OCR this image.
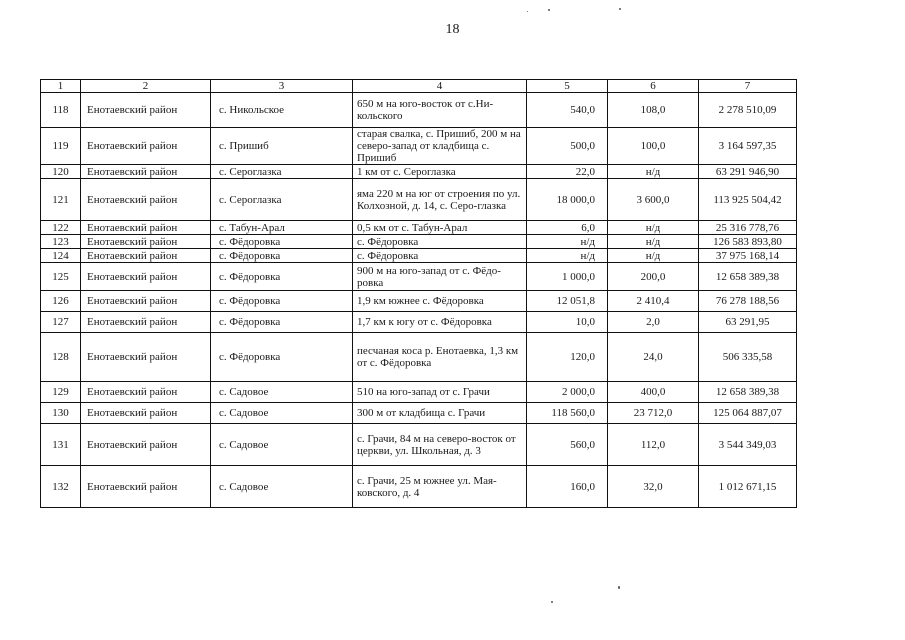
18
1	2	3	4	5	6	7
118	Енотаевский район	с. Никольское	650 м на юго-восток от с.Ни-кольского	540,0	108,0	2 278 510,09
119	Енотаевский район	с. Пришиб	старая свалка, с. Пришиб, 200 м на северо-запад от кладбища с. Пришиб	500,0	100,0	3 164 597,35
120	Енотаевский район	с. Сероглазка	1 км от с. Сероглазка	22,0	н/д	63 291 946,90
121	Енотаевский район	с. Сероглазка	яма 220 м на юг от строения по ул. Колхозной, д. 14, с. Серо-глазка	18 000,0	3 600,0	113 925 504,42
122	Енотаевский район	с. Табун-Арал	0,5 км от с. Табун-Арал	6,0	н/д	25 316 778,76
123	Енотаевский район	с. Фёдоровка	с. Фёдоровка	н/д	н/д	126 583 893,80
124	Енотаевский район	с. Фёдоровка	с. Фёдоровка	н/д	н/д	37 975 168,14
125	Енотаевский район	с. Фёдоровка	900 м на юго-запад от с. Фёдо-ровка	1 000,0	200,0	12 658 389,38
126	Енотаевский район	с. Фёдоровка	1,9 км южнее с. Фёдоровка	12 051,8	2 410,4	76 278 188,56
127	Енотаевский район	с. Фёдоровка	1,7 км к югу от с. Фёдоровка	10,0	2,0	63 291,95
128	Енотаевский район	с. Фёдоровка	песчаная коса р. Енотаевка, 1,3 км от с. Фёдоровка	120,0	24,0	506 335,58
129	Енотаевский район	с. Садовое	510 на юго-запад от с. Грачи	2 000,0	400,0	12 658 389,38
130	Енотаевский район	с. Садовое	300 м от кладбища с. Грачи	118 560,0	23 712,0	125 064 887,07
131	Енотаевский район	с. Садовое	с. Грачи, 84 м на северо-восток от церкви, ул. Школьная, д. 3	560,0	112,0	3 544 349,03
132	Енотаевский район	с. Садовое	с. Грачи, 25 м южнее ул. Мая-ковского, д. 4	160,0	32,0	1 012 671,15
